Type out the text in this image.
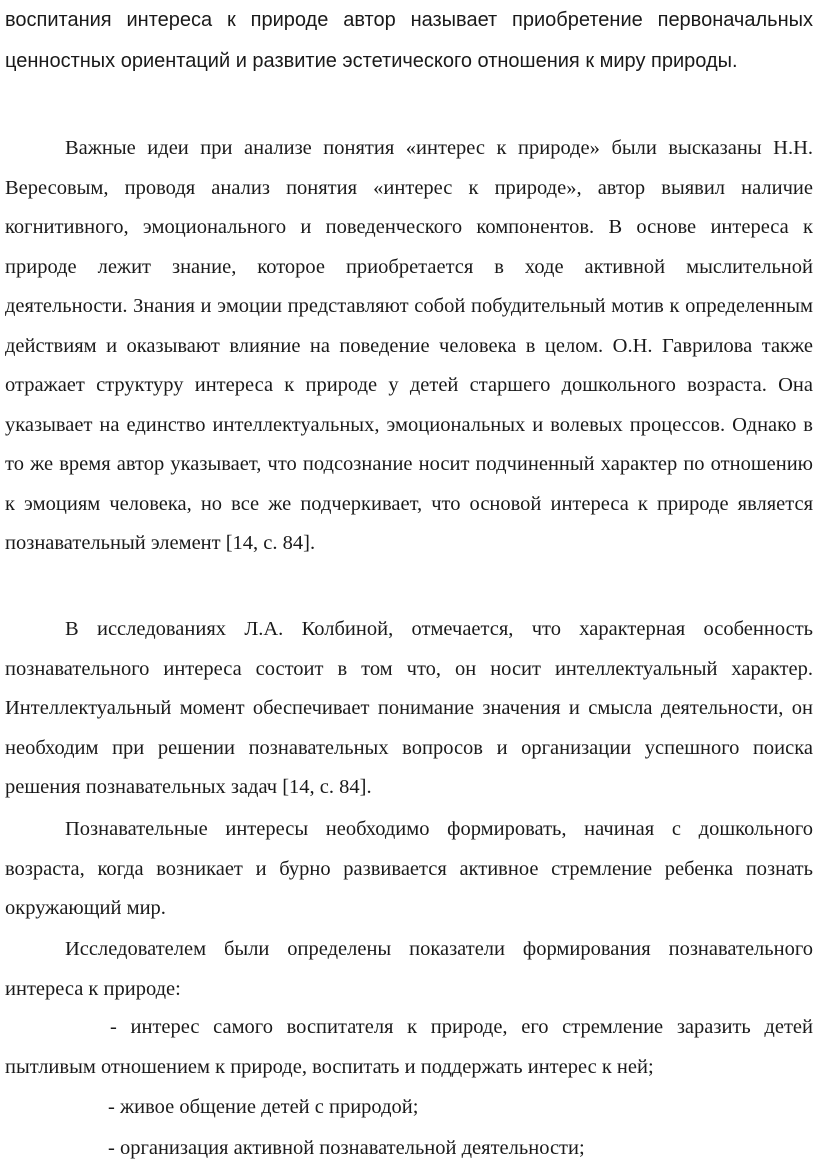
воспитания интереса к природе автор называет приобретение первоначальных ценностных ориентаций и развитие эстетического отношения к миру природы.

Важные идеи при анализе понятия «интерес к природе» были высказаны Н.Н. Вересовым, проводя анализ понятия «интерес к природе», автор выявил наличие когнитивного, эмоционального и поведенческого компонентов. В основе интереса к природе лежит знание, которое приобретается в ходе активной мыслительной деятельности. Знания и эмоции представляют собой побудительный мотив к определенным действиям и оказывают влияние на поведение человека в целом. О.Н. Гаврилова также отражает структуру интереса к природе у детей старшего дошкольного возраста. Она указывает на единство интеллектуальных, эмоциональных и волевых процессов. Однако в то же время автор указывает, что подсознание носит подчиненный характер по отношению к эмоциям человека, но все же подчеркивает, что основой интереса к природе является познавательный элемент [14, с. 84].

В исследованиях Л.А. Колбиной, отмечается, что характерная особенность познавательного интереса состоит в том что, он носит интеллектуальный характер. Интеллектуальный момент обеспечивает понимание значения и смысла деятельности, он необходим при решении познавательных вопросов и организации успешного поиска решения познавательных задач [14, с. 84].

Познавательные интересы необходимо формировать, начиная с дошкольного возраста, когда возникает и бурно развивается активное стремление ребенка познать окружающий мир.

Исследователем были определены показатели формирования познавательного интереса к природе:

- интерес самого воспитателя к природе, его стремление заразить детей пытливым отношением к природе, воспитать и поддержать интерес к ней;

- живое общение детей с природой;

- организация активной познавательной деятельности;
